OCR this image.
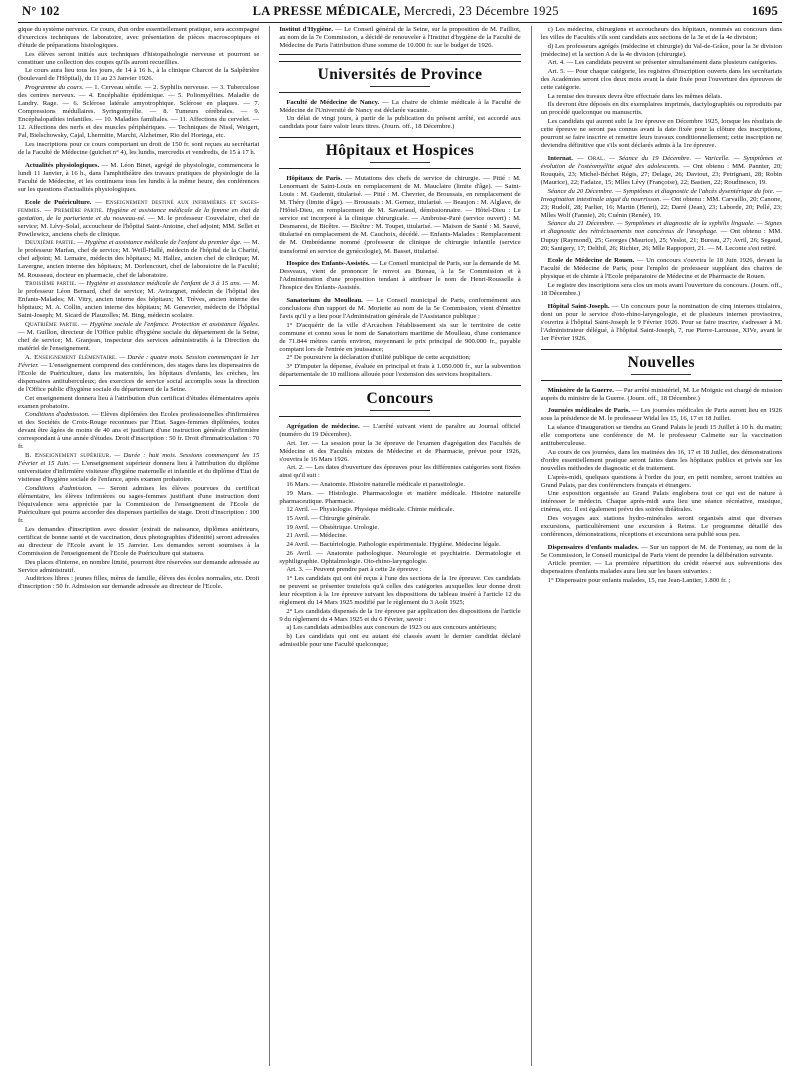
N° 102	LA PRESSE MÉDICALE, Mercredi, 23 Décembre 1925	1695

gique du système nerveux. Ce cours, d'un ordre essentiellement pratique, sera accompagné d'exercices techniques de laboratoire, avec présentation de pièces macroscopiques et d'étude de préparations histologiques.

Les élèves seront initiés aux techniques d'histopathologie nerveuse et pourront se constituer une collection des coupes qu'ils auront recueillies.

Le cours aura lieu tous les jours, de 14 à 16 h., à la clinique Charcot de la Salpêtrière (boulevard de l'Hôpital), du 11 au 23 Janvier 1926.

Programme du cours. — 1. Cerveau sénile. — 2. Syphilis nerveuse. — 3. Tuberculose des centres nerveux. — 4. Encéphalite épidémique. — 5. Poliomyélites. Maladie de Landry. Rage. — 6. Sclérose latérale amyotrophique. Sclérose en plaques. — 7. Compressions médullaires. Syringomyélie. — 8. Tumeurs cérébrales. — 9. Encéphalopathies infantiles. — 10. Maladies familiales. — 11. Affections du cervelet. — 12. Affections des nerfs et des muscles périphériques. — Techniques de Nissl, Weigert, Pal, Bielschowsky, Cajal, Lhermitte, Marchi, Alzheimer, Rio del Hortega, etc.

Les inscriptions pour ce cours comportant un droit de 150 fr. sont reçues au secrétariat de la Faculté de Médecine (guichet n° 4), les lundis, mercredis et vendredis, de 15 à 17 h.

Actualités physiologiques. — M. Léon Binet, agrégé de physiologie, commencera le lundi 11 Janvier, à 16 h., dans l'amphithéâtre des travaux pratiques de physiologie de la Faculté de Médecine, et les continuera tous les lundis à la même heure, des conférences sur les questions d'actualités physiologiques.

Ecole de Puériculture. — Enseignement destiné aux infirmières et sages-femmes. — Première partie. Hygiène et assistance médicale de la femme en état de gestation, de la parturiente et du nouveau-né. — M. le professeur Couvelaire, chef de service; M. Lévy-Solal, accoucheur de l'hôpital Saint-Antoine, chef adjoint; MM. Sellet et Powilewicz, anciens chefs de clinique.

Deuxième partie. — Hygiène et assistance médicale de l'enfant du premier âge. — M. le professeur Marfan, chef de service; M. Weill-Hallé, médecin de l'hôpital de la Charité, chef adjoint; M. Lemaire, médecin des hôpitaux; M. Hallez, ancien chef de clinique; M. Lavergne, ancien interne des hôpitaux; M. Dorlencourt, chef de laboratoire de la Faculté; M. Rousseau, docteur en pharmacie, chef de laboratoire.

Troisième partie. — Hygiène et assistance médicale de l'enfant de 3 à 15 ans. — M. le professeur Léon Bernard, chef de service; M. Avirargnet, médecin de l'hôpital des Enfants-Malades; M. Vitry, ancien interne des hôpitaux; M. Trèves, ancien interne des hôpitaux; M. A. Collin, ancien interne des hôpitaux; M. Genevrier, médecin de l'hôpital Saint-Joseph; M. Sicard de Plauzolles; M. Bing, médecin scolaire.

Quatrième partie. — Hygiène sociale de l'enfance. Protection et assistance légales. — M. Guillon, directeur de l'Office public d'hygiène sociale du département de la Seine, chef de service; M. Granjean, inspecteur des services administratifs à la Direction du matériel de l'enseignement.

A. Enseignement élémentaire. — Durée : quatre mois. Session commençant le 1er Février. — L'enseignement comprend des conférences, des stages dans les dispensaires de l'Ecole de Puériculture, dans les maternités, les hôpitaux d'enfants, les crèches, les dispensaires antituberculeux; des exercices de service social accomplis sous la direction de l'Office public d'hygiène sociale du département de la Seine.

Cet enseignement donnera lieu à l'attribution d'un certificat d'études élémentaires après examen probatoire.

Conditions d'admission. — Elèves diplômées des Ecoles professionnelles d'infirmières et des Sociétés de Croix-Rouge reconnues par l'Etat. Sages-femmes diplômées, toutes devant être âgées de moins de 40 ans et justifiant d'une instruction générale d'infirmière correspondant à une année d'études. Droit d'inscription : 50 fr. Droit d'immatriculation : 70 fr.

B. Enseignement supérieur. — Durée : huit mois. Sessions commençant les 15 Février et 15 Juin. — L'enseignement supérieur donnera lieu à l'attribution du diplôme universitaire d'infirmière visiteuse d'hygiène maternelle et infantile et du diplôme d'Etat de visiteuse d'hygiène sociale de l'enfance, après examen probatoire.

Conditions d'admission. — Seront admises les élèves pourvues du certificat élémentaire, les élèves infirmières ou sages-femmes justifiant d'une instruction dont l'équivalence sera appréciée par la Commission de l'enseignement de l'Ecole de Puériculture qui pourra accorder des dispenses partielles de stage. Droit d'inscription : 100 fr.

Les demandes d'inscription avec dossier (extrait de naissance, diplômes antérieurs, certificat de bonne santé et de vaccination, deux photographies d'identité) seront adressées au directeur de l'Ecole avant le 15 Janvier. Les demandes seront soumises à la Commission de l'enseignement de l'Ecole de Puériculture qui statuera.

Des places d'interne, en nombre limité, pourront être réservées sur demande adressée au Service administratif.

Auditrices libres : jeunes filles, mères de famille, élèves des écoles normales, etc. Droit d'inscription : 50 fr. Admission sur demande adressée au directeur de l'Ecole.

Institut d'Hygiène. — Le Conseil général de la Seine, sur la proposition de M. Failliot, au nom de la 7e Commission, a décidé de renouveler à l'Institut d'hygiène de la Faculté de Médecine de Paris l'attribution d'une somme de 10.000 fr. sur le budget de 1926.

Universités de Province

Faculté de Médecine de Nancy. — La chaire de chimie médicale à la Faculté de Médecine de l'Université de Nancy est déclarée vacante.

Un délai de vingt jours, à partir de la publication du présent arrêté, est accordé aux candidats pour faire valoir leurs titres. (Journ. off., 18 Décembre.)

Hôpitaux et Hospices

Hôpitaux de Paris. — Mutations des chefs de service de chirurgie. — Pitié : M. Lenormant de Saint-Louis en remplacement de M. Mauclaire (limite d'âge). — Saint-Louis : M. Gudemit, titularisé. — Pitié : M. Chevrier, de Broussais, en remplacement de M. Théry (limite d'âge). — Broussais : M. Gernez, titularisé. — Beaujon : M. Alglave, de l'Hôtel-Dieu, en remplacement de M. Savariaud, démissionnaire. — Hôtel-Dieu : Le service est incorporé à la clinique chirurgicale. — Ambroise-Paré (service ouvert) : M. Desmarest, de Bicêtre. — Bicêtre : M. Toupet, titularisé. — Maison de Santé : M. Sauvé, titularisé en remplacement de M. Cauchoix, décédé. — Enfants-Malades : Remplacement de M. Ombrédanne nommé (professeur de clinique de chirurgie infantile (service transformé en service de gynécologie), M. Basset, titularisé.

Hospice des Enfants-Assistés. — Le Conseil municipal de Paris, sur la demande de M. Desveaux, vient de prononcer le renvoi au Bureau, à la 5e Commission et à l'Administration d'une proposition tendant à attribuer le nom de Henri-Rousselle à l'hospice des Enfants-Assistés.

Sanatorium du Moulleau. — Le Conseil municipal de Paris, conformément aux conclusions d'un rapport de M. Moriette au nom de la 5e Commission, vient d'émettre l'avis qu'il y a lieu pour l'Administration générale de l'Assistance publique :

1° D'acquérir de la ville d'Arcachon l'établissement sis sur le territoire de cette commune et connu sous le nom de Sanatorium maritime de Moulleau, d'une contenance de 71.844 mètres carrés environ, moyennant le prix principal de 900.000 fr., payable comptant lors de l'entrée en jouissance;

2° De poursuivre la déclaration d'utilité publique de cette acquisition;

3° D'imputer la dépense, évaluée en principal et frais à 1.050.000 fr., sur la subvention départementale de 10 millions allouée pour l'extension des services hospitaliers.

Concours

Agrégation de médecine. — L'arrêté suivant vient de paraître au Journal officiel (numéro du 19 Décembre).

Art. 1er. — La session pour la 3e épreuve de l'examen d'agrégation des Facultés de Médecine et des Facultés mixtes de Médecine et de Pharmacie, prévue pour 1926, s'ouvrira le 16 Mars 1926.

Art. 2. — Les dates d'ouverture des épreuves pour les différentes catégories sont fixées ainsi qu'il suit :

16 Mars. — Anatomie. Histoire naturelle médicale et parasitologie.

19 Mars. — Histologie. Pharmacologie et matière médicale. Histoire naturelle pharmaceutique. Pharmacie.

12 Avril. — Physiologie. Physique médicale. Chimie médicale.

15 Avril. — Chirurgie générale.

19 Avril. — Obstétrique. Urologie.

21 Avril. — Médecine.

24 Avril. — Bactériologie. Pathologie expérimentale. Hygiène. Médecine légale.

26 Avril. — Anatomie pathologique. Neurologie et psychiatrie. Dermatologie et syphiligraphie. Ophtalmologie. Oto-rhino-laryngologie.

Art. 3. — Peuvent prendre part à cette 2e épreuve :

1° Les candidats qui ont été reçus à l'une des sections de la 1re épreuve. Ces candidats ne peuvent se présenter toutefois qu'à celles des catégories auxquelles leur donne droit leur réception à la 1re épreuve suivant les dispositions du tableau inséré à l'article 12 du règlement du 14 Mars 1925 modifié par le règlement du 3 Août 1925;

2° Les candidats dispensés de la 1re épreuve par application des dispositions de l'article 9 du règlement du 4 Mars 1925 et du 6 Février, savoir :

a) Les candidats admissibles aux concours de 1923 ou aux concours antérieurs;

b) Les candidats qui ont eu autant été classés avant le dernier candidat déclaré admissible pour une Faculté quelconque;

c) Les médecins, chirurgiens et accoucheurs des hôpitaux, nommés au concours dans les villes de Facultés s'ils sont candidats aux sections de la 3e et de la 4e division;

d) Les professeurs agrégés (médecine et chirurgie) du Val-de-Grâce, pour la 3e division (médecine) et la section A de la 4e division (chirurgie).

Art. 4. — Les candidats peuvent se présenter simultanément dans plusieurs catégories.

Art. 5. — Pour chaque catégorie, les registres d'inscription ouverts dans les secrétariats des Académies seront clos deux mois avant la date fixée pour l'ouverture des épreuves de cette catégorie.

La remise des travaux devra être effectuée dans les mêmes délais.

Ils devront être déposés en dix exemplaires imprimés, dactylographiés ou reproduits par un procédé quelconque ou manuscrits.

Les candidats qui auront subi la 1re épreuve en Décembre 1925, lorsque les résultats de cette épreuve ne seront pas connus avant la date fixée pour la clôture des inscriptions, pourront se faire inscrire et remettre leurs travaux conditionnellement; cette inscription ne deviendra définitive que s'ils sont déclarés admis à la 1re épreuve.

Internat. — Oral. — Séance du 19 Décembre. — Varicelle. — Symptômes et évolution de l'ostéomyélite aiguë des adolescents. — Ont obtenu : MM. Pannier, 20; Rouquès, 23; Michel-Béchet Régis, 27; Delage, 26; Daviout, 23; Petrignani, 28; Robin (Maurice), 22; Fadaize, 15; Mlles Lévy (Françoise), 22; Bastien, 22; Roudinesco, 19.

Séance du 20 Décembre. — Symptômes et diagnostic de l'abcès dysentérique du foie. — Invagination intestinale aiguë du nourrisson. — Ont obtenu : MM. Carvaillo, 20; Canone, 23; Rudolf, 28; Parlier, 16; Martin (Henri), 22; Darré (Jean), 23; Laborde, 20; Pellé, 23; Mlles Wolf (Fannie), 26; Cuénin (Renée), 19.

Séance du 21 Décembre. — Symptômes et diagnostic de la syphilis linguale. — Signes et diagnostic des rétrécissements non cancéreux de l'œsophage. — Ont obtenu : MM. Dupuy (Raymond), 25; Georges (Maurice), 25; Veslot, 21; Bureau, 27; Avril, 26; Segaud, 20; Sanigery, 17; Delthil, 26; Richier, 26; Mlle Rappoport, 21. — M. Leconte s'est retiré.

Ecole de Médecine de Rouen. — Un concours s'ouvrira le 18 Juin 1926, devant la Faculté de Médecine de Paris, pour l'emploi de professeur suppléant des chaires de physique et de chimie à l'Ecole préparatoire de Médecine et de Pharmacie de Rouen.

Le registre des inscriptions sera clos un mois avant l'ouverture du concours. (Journ. off., 18 Décembre.)

Hôpital Saint-Joseph. — Un concours pour la nomination de cinq internes titulaires, dont un pour le service d'oto-rhino-laryngologie, et de plusieurs internes provisoires, s'ouvrira à l'hôpital Saint-Joseph le 9 Février 1926. Pour se faire inscrire, s'adresser à M. l'Administrateur délégué, à l'hôpital Saint-Joseph, 7, rue Pierre-Larousse, XIVe, avant le 1er Février 1926.

Nouvelles

Ministère de la Guerre. — Par arrêté ministériel, M. Le Moignic est chargé de mission auprès du ministre de la Guerre. (Journ. off., 18 Décembre.)

Journées médicales de Paris. — Les journées médicales de Paris auront lieu en 1926 sous la présidence de M. le professeur Widal les 15, 16, 17 et 18 Juillet.

La séance d'inauguration se tiendra au Grand Palais le jeudi 15 Juillet à 10 h. du matin; elle comportera une conférence de M. le professeur Calmette sur la vaccination antituberculeuse.

Au cours de ces journées, dans les matinées des 16, 17 et 18 Juillet, des démonstrations d'ordre essentiellement pratique seront faites dans les hôpitaux publics et privés sur les nouvelles méthodes de diagnostic et de traitement.

L'après-midi, quelques questions à l'ordre du jour, en petit nombre, seront traitées au Grand Palais, par des conférenciers français et étrangers.

Une exposition organisée au Grand Palais englobera tout ce qui est de nature à intéresser le médecin. Chaque après-midi aura lieu une séance récréative, musique, cinéma, etc. Il est également prévu des soirées théâtrales.

Des voyages aux stations hydro-minérales seront organisés ainsi que diverses excursions, particulièrement une excursion à Reims. Le programme détaillé des conférences, démonstrations, réceptions et excursions sera publié sous peu.

Dispensaires d'enfants malades. — Sur un rapport de M. de Fontenay, au nom de la 5e Commission, le Conseil municipal de Paris vient de prendre la délibération suivante.

Article premier. — La première répartition du crédit réservé aux subventions des dispensaires d'enfants malades aura lieu sur les bases suivantes :

1° Dispensaire pour enfants malades, 15, rue Jean-Lantier, 1.800 fr. ;
